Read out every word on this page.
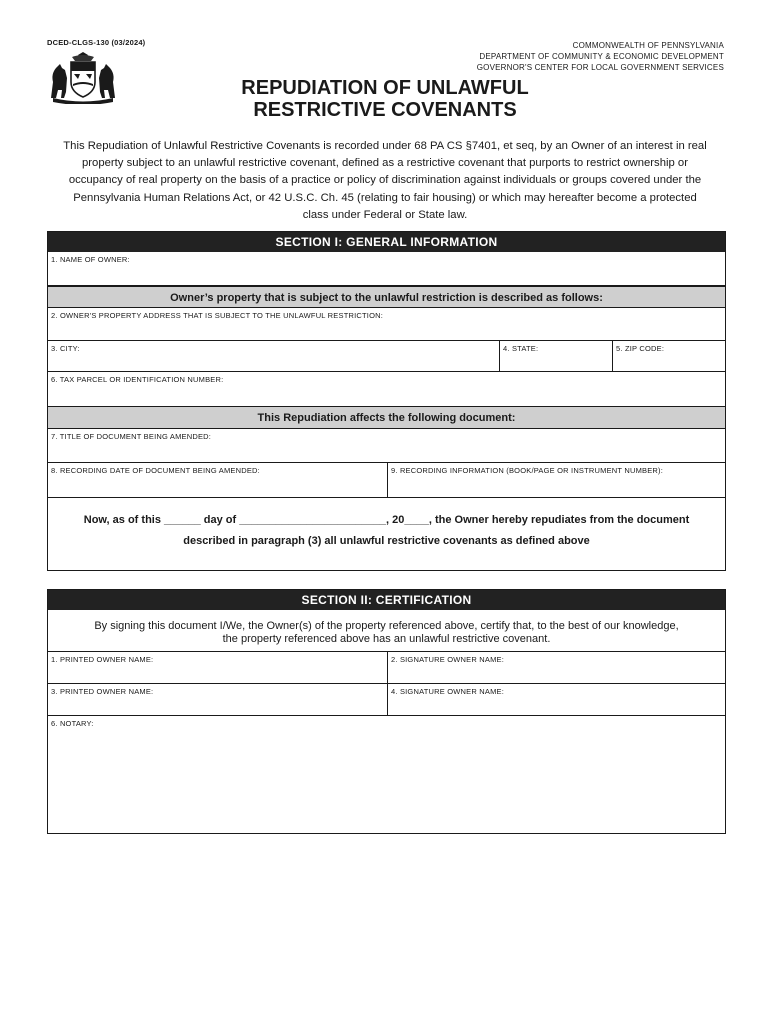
DCED-CLGS-130 (03/2024)	COMMONWEALTH OF PENNSYLVANIA
DEPARTMENT OF COMMUNITY & ECONOMIC DEVELOPMENT
GOVERNOR'S CENTER FOR LOCAL GOVERNMENT SERVICES
REPUDIATION OF UNLAWFUL
RESTRICTIVE COVENANTS
This Repudiation of Unlawful Restrictive Covenants is recorded under 68 PA CS §7401, et seq, by an Owner of an interest in real property subject to an unlawful restrictive covenant, defined as a restrictive covenant that purports to restrict ownership or occupancy of real property on the basis of a practice or policy of discrimination against individuals or groups covered under the Pennsylvania Human Relations Act, or 42 U.S.C. Ch. 45 (relating to fair housing) or which may hereafter become a protected class under Federal or State law.
SECTION I: GENERAL INFORMATION
1. NAME OF OWNER:
Owner’s property that is subject to the unlawful restriction is described as follows:
2. OWNER'S PROPERTY ADDRESS THAT IS SUBJECT TO THE UNLAWFUL RESTRICTION:
3. CITY:	4. STATE:	5. ZIP CODE:
6. TAX PARCEL OR IDENTIFICATION NUMBER:
This Repudiation affects the following document:
7. TITLE OF DOCUMENT BEING AMENDED:
8. RECORDING DATE OF DOCUMENT BEING AMENDED:	9. RECORDING INFORMATION (BOOK/PAGE OR INSTRUMENT NUMBER):
Now, as of this ______ day of ________________________, 20____, the Owner hereby repudiates from the document
described in paragraph (3) all unlawful restrictive covenants as defined above
SECTION II: CERTIFICATION
By signing this document I/We, the Owner(s) of the property referenced above, certify that, to the best of our knowledge,
the property referenced above has an unlawful restrictive covenant.
1. PRINTED OWNER NAME:	2. SIGNATURE OWNER NAME:
3. PRINTED OWNER NAME:	4. SIGNATURE OWNER NAME:
6. NOTARY:
